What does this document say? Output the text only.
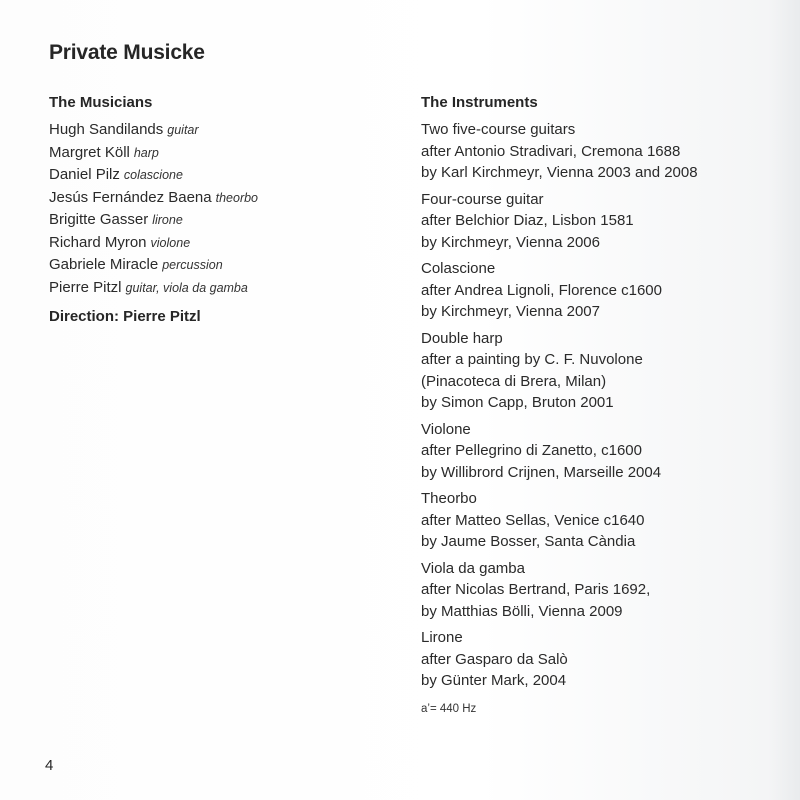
Private Musicke
The Musicians
Hugh Sandilands guitar
Margret Köll harp
Daniel Pilz colascione
Jesús Fernández Baena theorbo
Brigitte Gasser lirone
Richard Myron violone
Gabriele Miracle percussion
Pierre Pitzl guitar, viola da gamba
Direction: Pierre Pitzl
The Instruments
Two five-course guitars
after Antonio Stradivari, Cremona 1688
by Karl Kirchmeyr, Vienna 2003 and 2008
Four-course guitar
after Belchior Diaz, Lisbon 1581
by Kirchmeyr, Vienna 2006
Colascione
after Andrea Lignoli, Florence c1600
by Kirchmeyr, Vienna 2007
Double harp
after a painting by C. F. Nuvolone
(Pinacoteca di Brera, Milan)
by Simon Capp, Bruton 2001
Violone
after Pellegrino di Zanetto, c1600
by Willibrord Crijnen, Marseille 2004
Theorbo
after Matteo Sellas, Venice c1640
by Jaume Bosser, Santa Càndia
Viola da gamba
after Nicolas Bertrand, Paris 1692,
by Matthias Bölli, Vienna 2009
Lirone
after Gasparo da Salò
by Günter Mark, 2004
a’= 440 Hz
4
